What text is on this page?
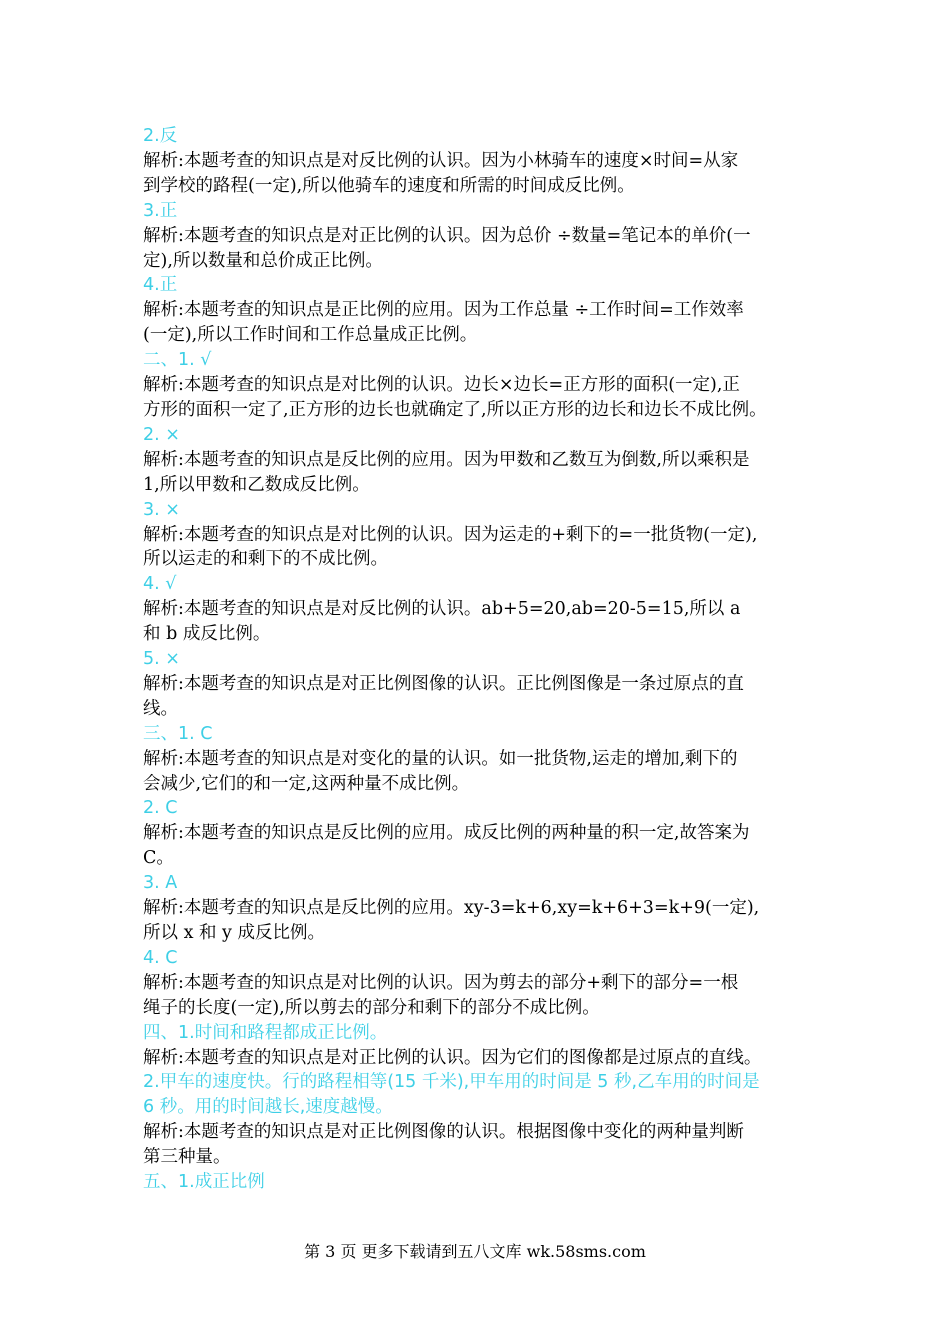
2.反
解析:本题考查的知识点是对反比例的认识。因为小林骑车的速度×时间=从家
到学校的路程(一定),所以他骑车的速度和所需的时间成反比例。
3.正
解析:本题考查的知识点是对正比例的认识。因为总价 ÷数量=笔记本的单价(一
定),所以数量和总价成正比例。
4.正
解析:本题考查的知识点是正比例的应用。因为工作总量 ÷工作时间=工作效率
(一定),所以工作时间和工作总量成正比例。
二、1. √
解析:本题考查的知识点是对比例的认识。边长×边长=正方形的面积(一定),正
方形的面积一定了,正方形的边长也就确定了,所以正方形的边长和边长不成比例。
2. ×
解析:本题考查的知识点是反比例的应用。因为甲数和乙数互为倒数,所以乘积是
1,所以甲数和乙数成反比例。
3. ×
解析:本题考查的知识点是对比例的认识。因为运走的+剩下的=一批货物(一定),
所以运走的和剩下的不成比例。
4. √
解析:本题考查的知识点是对反比例的认识。ab+5=20,ab=20-5=15,所以 a
和 b 成反比例。
5. ×
解析:本题考查的知识点是对正比例图像的认识。正比例图像是一条过原点的直
线。
三、1. C
解析:本题考查的知识点是对变化的量的认识。如一批货物,运走的增加,剩下的
会减少,它们的和一定,这两种量不成比例。
2. C
解析:本题考查的知识点是反比例的应用。成反比例的两种量的积一定,故答案为
C。
3. A
解析:本题考查的知识点是反比例的应用。xy-3=k+6,xy=k+6+3=k+9(一定),
所以 x 和 y 成反比例。
4. C
解析:本题考查的知识点是对比例的认识。因为剪去的部分+剩下的部分=一根
绳子的长度(一定),所以剪去的部分和剩下的部分不成比例。
四、1.时间和路程都成正比例。
解析:本题考查的知识点是对正比例的认识。因为它们的图像都是过原点的直线。
2.甲车的速度快。行的路程相等(15 千米),甲车用的时间是 5 秒,乙车用的时间是
6 秒。用的时间越长,速度越慢。
解析:本题考查的知识点是对正比例图像的认识。根据图像中变化的两种量判断
第三种量。
五、1.成正比例
第 3 页 更多下载请到五八文库 wk.58sms.com
